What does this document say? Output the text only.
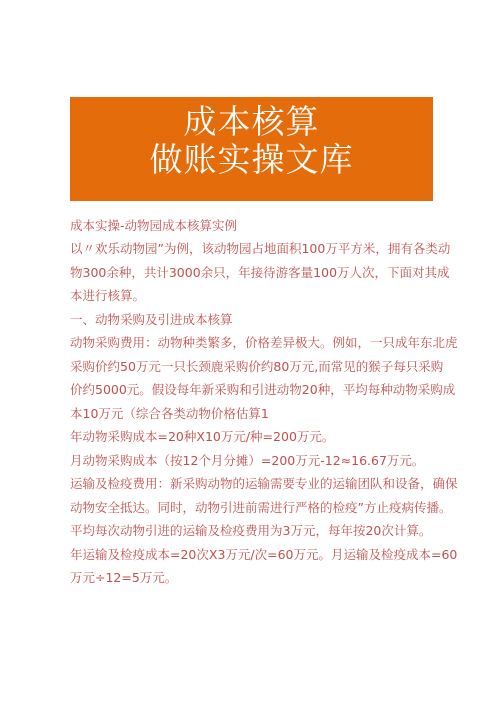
成本核算
做账实操文库
成本实操-动物园成本核算实例
以〃欢乐动物园”为例，该动物园占地面积100万平方米，拥有各类动
物300余种，共计3000余只，年接待游客量100万人次，下面对其成
本进行核算。
一、动物采购及引进成本核算
动物采购费用：动物种类繁多，价格差异极大。例如，一只成年东北虎
采购价约50万元一只长颈鹿采购价约80万元,而常见的猴子每只采购
价约5000元。假设每年新采购和引进动物20种，平均每种动物采购成
本10万元（综合各类动物价格估算1
年动物采购成本=20种X10万元/种=200万元。
月动物采购成本（按12个月分摊）=200万元-12≈16.67万元。
运输及检疫费用：新采购动物的运输需要专业的运输团队和设备，确保
动物安全抵达。同时，动物引进前需进行严格的检疫”方止疫病传播。
平均每次动物引进的运输及检疫费用为3万元，每年按20次计算。
年运输及检疫成本=20次X3万元/次=60万元。月运输及检疫成本=60
万元÷12=5万元。
